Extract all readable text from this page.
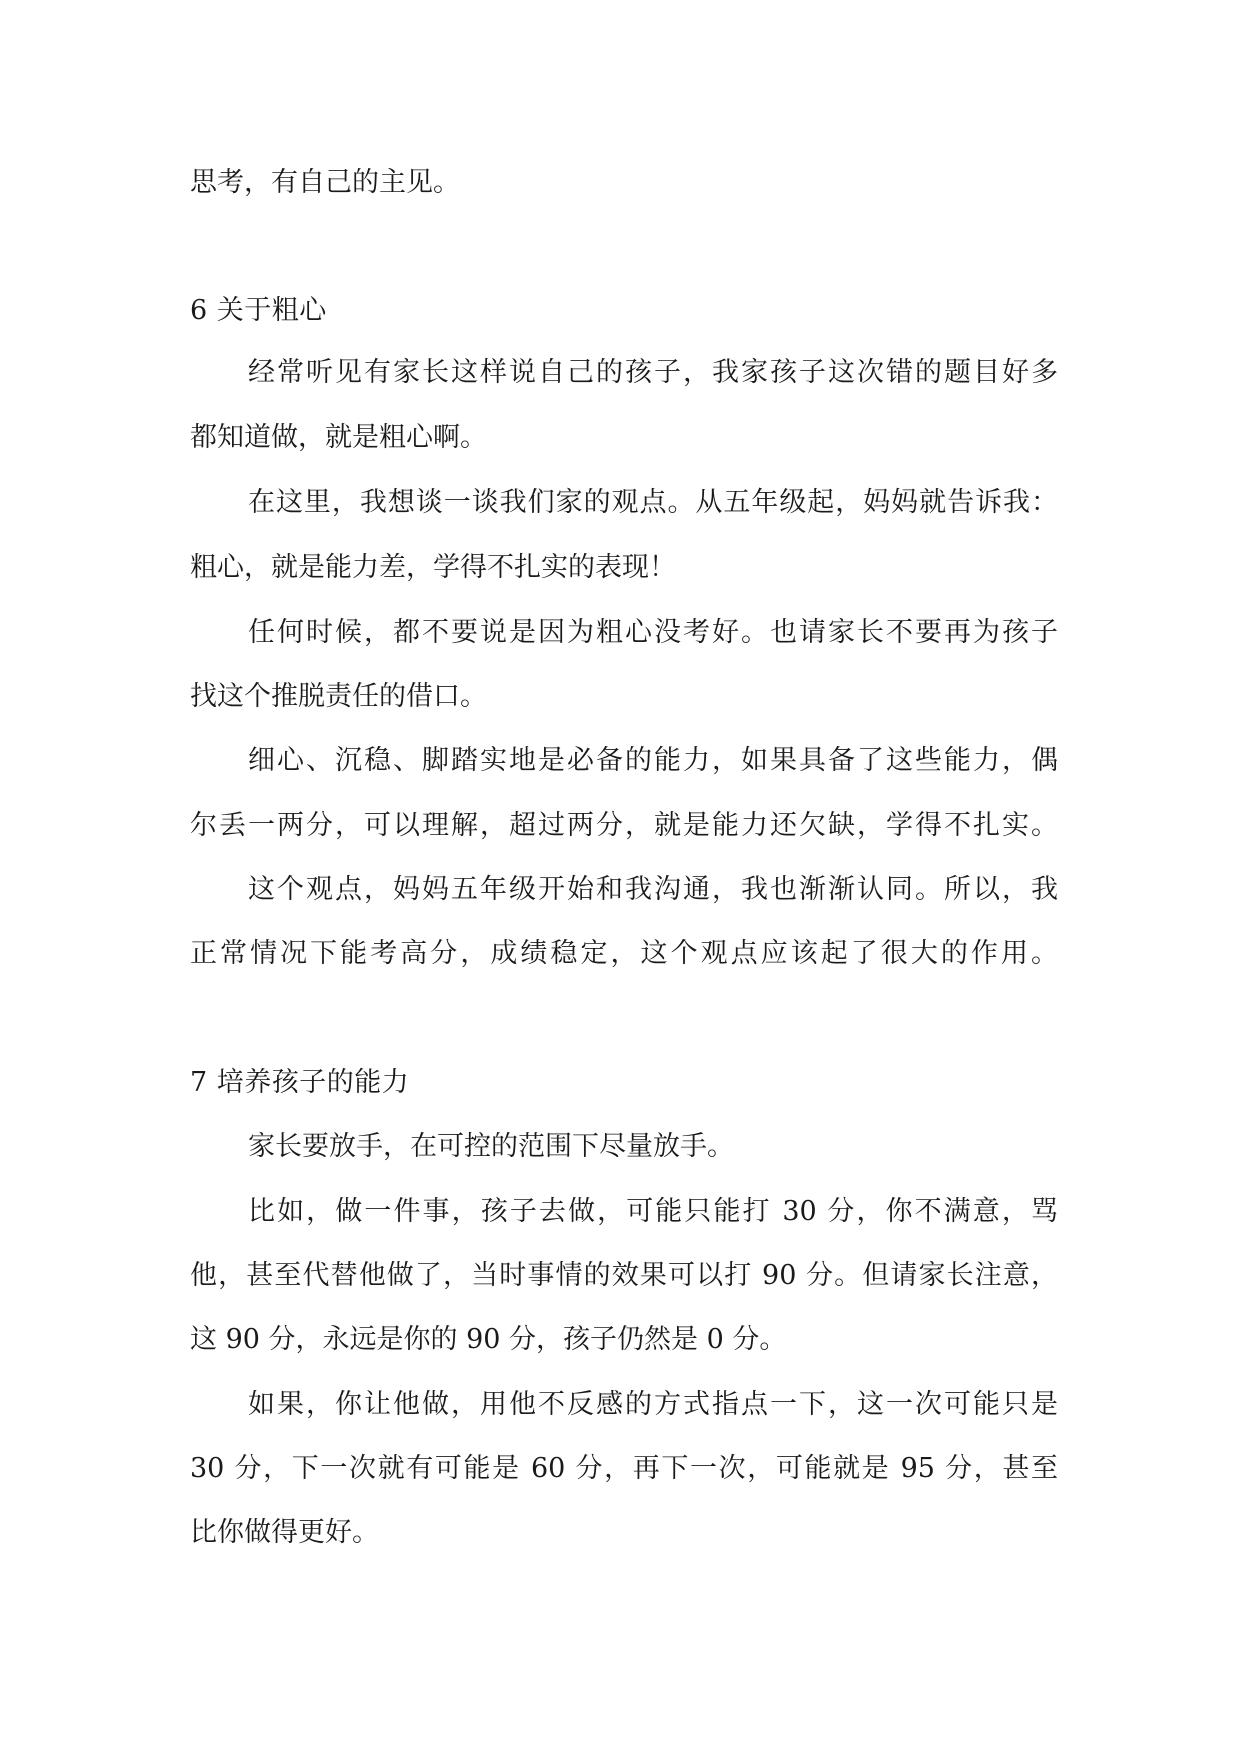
思考，有自己的主见。
6 关于粗心
经常听见有家长这样说自己的孩子，我家孩子这次错的题目好多
都知道做，就是粗心啊。
在这里，我想谈一谈我们家的观点。从五年级起，妈妈就告诉我：
粗心，就是能力差，学得不扎实的表现！
任何时候，都不要说是因为粗心没考好。也请家长不要再为孩子
找这个推脱责任的借口。
细心、沉稳、脚踏实地是必备的能力，如果具备了这些能力，偶
尔丢一两分，可以理解，超过两分，就是能力还欠缺，学得不扎实。
这个观点，妈妈五年级开始和我沟通，我也渐渐认同。所以，我
正常情况下能考高分，成绩稳定，这个观点应该起了很大的作用。
7 培养孩子的能力
家长要放手，在可控的范围下尽量放手。
比如，做一件事，孩子去做，可能只能打 30 分，你不满意，骂
他，甚至代替他做了，当时事情的效果可以打 90 分。但请家长注意，
这 90 分，永远是你的 90 分，孩子仍然是 0 分。
如果，你让他做，用他不反感的方式指点一下，这一次可能只是
30 分，下一次就有可能是 60 分，再下一次，可能就是 95 分，甚至
比你做得更好。
